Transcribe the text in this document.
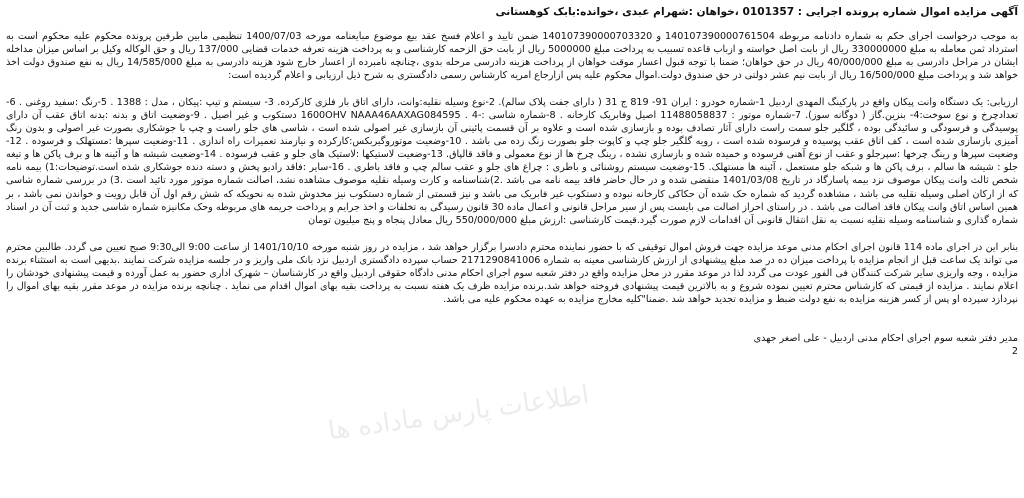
آگهی مزایده اموال شماره پرونده اجرایی : 0101357 ،خواهان :شهرام عبدی ،خوانده:بابک کوهستانی
به موجب درخواست اجرای حکم به شماره دادنامه مربوطه 140107390000761504 و 140107390000703320 ضمن تایید و اعلام فسخ عقد بیع موضوع مبایعنامه مورخه 1400/07/03 تنظیمی مابین طرفین پرونده محکوم علیه محکوم است به استرداد ثمن معامله به مبلغ 330000000 ریال از بابت اصل خواسته و ازباب قاعده تسبیب به پرداخت مبلغ 5000000 ریال از بابت حق الزحمه کارشناسی و به پرداخت هزینه تعرفه خدمات قضایی 137/000 ریال و حق الوکاله وکیل بر اساس میزان مداخله ایشان در مراحل دادرسی به مبلغ 40/000/000 ریال در حق خواهان؛ ضمنا با توجه قبول اعسار موقت خواهان از پرداخت هزینه دادرسی مرحله بدوی ،چنانچه نامبرده از اعسار خارج شود هزینه دادرسی به مبلغ 14/585/000 ریال به نفع صندوق دولت اخذ خواهد شد و پرداخت مبلغ 16/500/000 ریال از بابت نیم عشر دولتی در حق صندوق دولت.اموال محکوم علیه پس ازارجاع امریه کارشناس رسمی دادگستری به شرح ذیل ارزیابی و اعلام گردیده است:
ارزیابی: یک دستگاه وانت پیکان واقع در پارکینگ المهدی اردبیل 1-شماره خودرو : ایران 91- 819 ج 31 ( دارای جفت پلاک سالم). 2-نوع وسیله نقلیه:وانت، دارای اتاق بار فلزی کارکرده. 3- سیستم و تیپ :پیکان ، مدل : 1388 . 5-رنگ :سفید روغنی . 6- تعدادچرخ و نوع سوخت:4- بنزین.گاز ( دوگانه سوز). 7-شماره موتور : 11488058837 اصیل وفابریک کارخانه . 8-شماره شاسی :-4 . 1600OHV NAAA46AAXAG084595 دستکوب و غیر اصیل . 9-وضعیت اتاق و بدنه :بدنه اتاق عقب آن دارای پوسیدگی و فرسودگی و سائیدگی بوده ، گلگیر جلو سمت راست دارای آثار تصادف بوده و بازسازی شده است و علاوه بر آن قسمت پائینی آن بازسازی غیر اصولی شده است ، شاسی های جلو راست و چپ با جوشکاری بصورت غیر اصولی و بدون رنگ آمیزی بازسازی شده است ، کف اتاق عقب پوسیده و فرسوده شده است ، رویه گلگیر جلو چپ و کاپوت جلو بصورت زنگ زده می باشد . 10-وضعیت موتوروگیربکس:کارکرده و نیازمند تعمیرات راه اندازی . 11-وضعیت سپرها :مستهلک و فرسوده . 12-وضعیت سپرها و رینگ چرخها :سپرجلو و عقب از نوع آهنی فرسوده و خمیده شده و بازسازی نشده ، رینگ چرخ ها از نوع معمولی و فاقد قالپاق. 13-وضعیت لاستیکها :لاستیک های جلو و عقب فرسوده . 14-وضعیت شیشه ها و آئینه ها و برف پاکن ها و تیغه جلو : شیشه ها سالم ، برف پاکن ها و شبکه جلو مستعمل ، آئینه ها مستهلک. 15-وضعیت سیستم روشنائی و باطری : چراغ های جلو و عقب سالم چپ و فاقد باطری . 16-سایر :فاقد رادیو پخش و دسته دنده جوشکاری شده است.توضیحات:1) بیمه نامه شخص ثالث وانت پیکان موصوف نزد بیمه پاسارگاد در تاریخ 1401/03/08 منقضی شده و در حال حاضر فاقد بیمه نامه می باشد .2)شناسنامه و کارت وسیله نقلیه موصوف مشاهده نشد، اصالت شماره موتور مورد تائید است .3) در بررسی شماره شاسی که از ارکان اصلی وسیله نقلیه می باشد ، مشاهده گردید که شماره حک شده آن حکاکی کارخانه نبوده و دستکوب غیر فابریک می باشد و نیز قسمتی از شماره دستکوب نیز مخدوش شده به نحویکه که شش رقم اول آن قابل رویت و خواندن نمی باشد ، بر همین اساس اتاق وانت پیکان فاقد اصالت می باشد . در راستای احراز اصالت می بایست پس از سیر مراحل قانونی و اعمال ماده 30 قانون رسیدگی به تخلفات و اخذ جرایم و پرداخت جریمه های مربوطه وحک مکانیزه شماره شاسی جدید و ثبت آن در اسناد شماره گذاری و شناسنامه وسیله نقلیه نسبت به نقل انتقال قانونی آن اقدامات لازم صورت گیرد.قیمت کارشناسی :ارزش مبلغ 550/000/000 ریال معادل پنجاه و پنج میلیون تومان
بنابر این در اجرای ماده 114 قانون اجرای احکام مدنی موعد مزایده جهت فروش اموال توقیفی که با حضور نماینده محترم دادسرا برگزار خواهد شد ، مزایده در روز شنبه مورخه 1401/10/10 از ساعت 9:00 الی9:30 صبح تعیین می گردد. طالبین محترم می تواند یک ساعت قبل از انجام مزایده با پرداخت میزان ده در صد مبلغ پیشنهادی از ارزش کارشناسی معینه به شماره 2171290841006 حساب سپرده دادگستری اردبیل نزد بانک ملی واریز و در جلسه مزایده شرکت نمایند .بدیهی است به استثناء برنده مزایده ، وجه واریزی سایر شرکت کنندگان فی الفور عودت می گردد لذا در موعد مقرر در محل مزایده واقع در دفتر شعبه سوم اجرای احکام مدنی دادگاه حقوقی اردبیل واقع در کارشناسان – شهرک اداری حضور به عمل آورده و قیمت پیشنهادی خودشان را اعلام نمایند . مزایده از قیمتی که کارشناس محترم تعیین نموده شروع و به بالاترین قیمت پیشنهادی فروخته خواهد شد.برنده مزایده ظرف یک هفته نسبت به پرداخت بقیه بهای اموال اقدام می نماید . چنانچه برنده مزایده در موعد مقرر بقیه بهای اموال را نپردازد سپرده او پس از کسر هزینه مزایده به نفع دولت ضبط و مزایده تجدید خواهد شد .ضمنا"کلیه مخارج مزایده به عهده محکوم علیه می باشد.
مدیر دفتر شعبه سوم اجرای احکام مدنی اردبیل - علی اصغر جهدی
2
اطلاعات پارس ماداده ها
